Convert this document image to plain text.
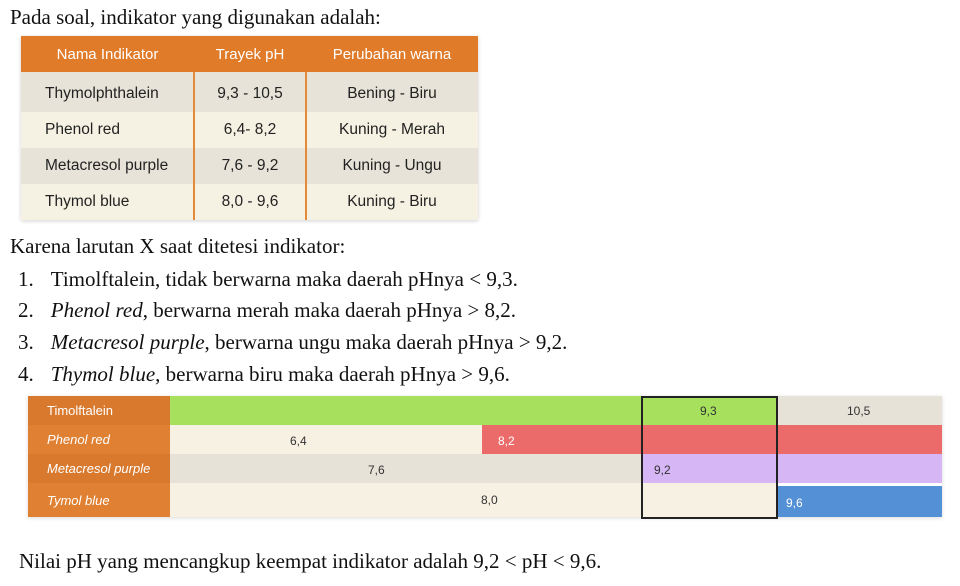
Pada soal, indikator yang digunakan adalah:
Nama Indikator	Trayek pH	Perubahan warna
Thymolphthalein	9,3 - 10,5	Bening - Biru
Phenol red	6,4- 8,2	Kuning - Merah
Metacresol purple	7,6 - 9,2	Kuning - Ungu
Thymol blue	8,0 - 9,6	Kuning - Biru
Karena larutan X saat ditetesi indikator:
1. Timolftalein, tidak berwarna maka daerah pHnya < 9,3.
2. Phenol red, berwarna merah maka daerah pHnya > 8,2.
3. Metacresol purple, berwarna ungu maka daerah pHnya > 9,2.
4. Thymol blue, berwarna biru maka daerah pHnya > 9,6.
Timolftalein	9,3	10,5
Phenol red	6,4	8,2
Metacresol purple	7,6	9,2
Tymol blue	8,0	9,6
Nilai pH yang mencangkup keempat indikator adalah 9,2 < pH < 9,6.
